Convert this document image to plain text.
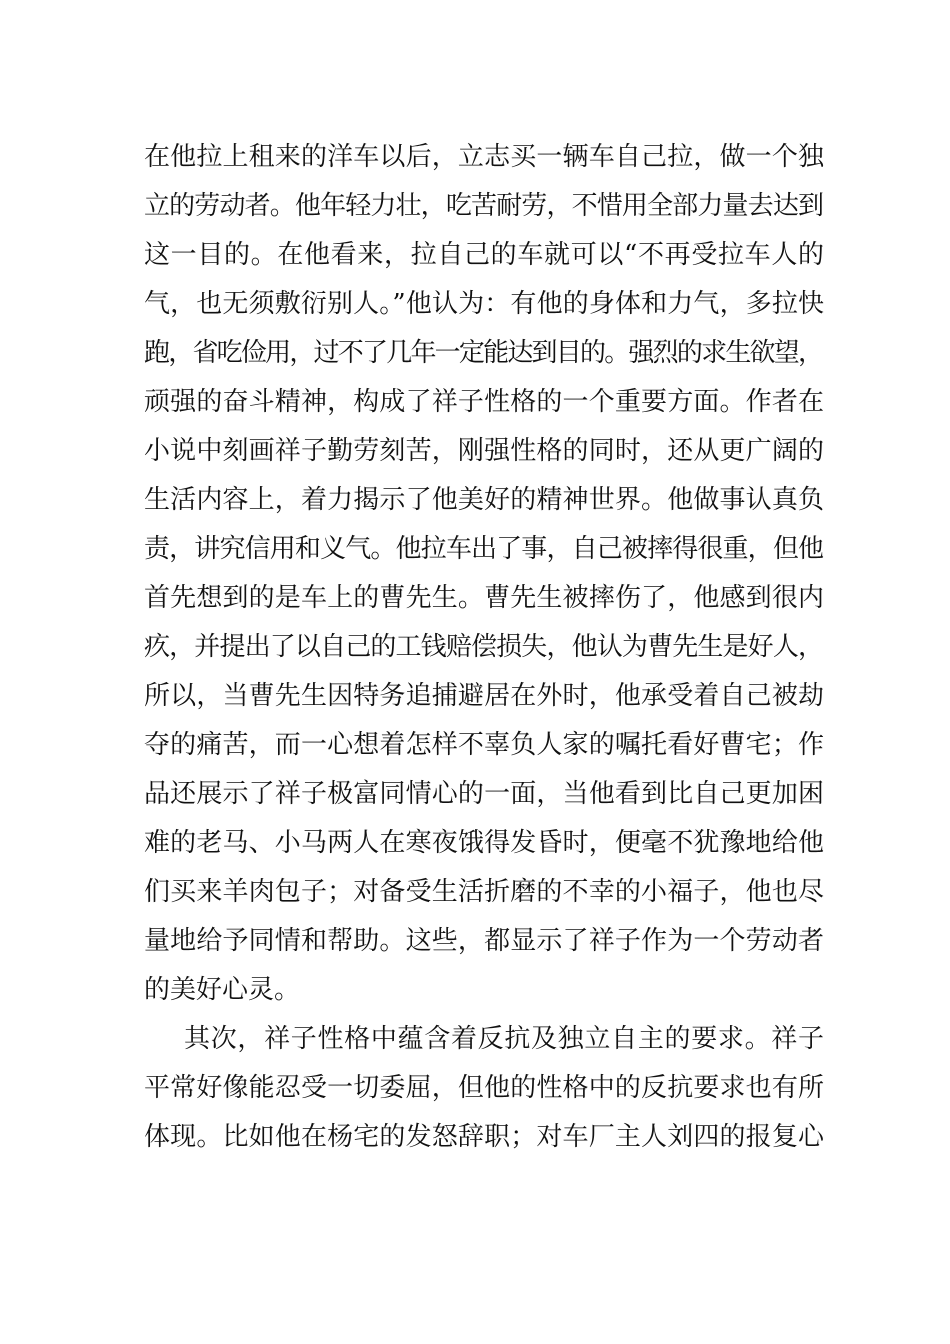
在他拉上租来的洋车以后，立志买一辆车自己拉，做一个独
立的劳动者。他年轻力壮，吃苦耐劳，不惜用全部力量去达到
这一目的。在他看来，拉自己的车就可以“不再受拉车人的
气，也无须敷衍别人。”他认为：有他的身体和力气，多拉快
跑，省吃俭用，过不了几年一定能达到目的。强烈的求生欲望，
顽强的奋斗精神，构成了祥子性格的一个重要方面。作者在
小说中刻画祥子勤劳刻苦，刚强性格的同时，还从更广阔的
生活内容上，着力揭示了他美好的精神世界。他做事认真负
责，讲究信用和义气。他拉车出了事，自己被摔得很重，但他
首先想到的是车上的曹先生。曹先生被摔伤了，他感到很内
疚，并提出了以自己的工钱赔偿损失，他认为曹先生是好人，
所以，当曹先生因特务追捕避居在外时，他承受着自己被劫
夺的痛苦，而一心想着怎样不辜负人家的嘱托看好曹宅；作
品还展示了祥子极富同情心的一面，当他看到比自己更加困
难的老马、小马两人在寒夜饿得发昏时，便毫不犹豫地给他
们买来羊肉包子；对备受生活折磨的不幸的小福子，他也尽
量地给予同情和帮助。这些，都显示了祥子作为一个劳动者
的美好心灵。
其次，祥子性格中蕴含着反抗及独立自主的要求。祥子
平常好像能忍受一切委屈，但他的性格中的反抗要求也有所
体现。比如他在杨宅的发怒辞职；对车厂主人刘四的报复心
